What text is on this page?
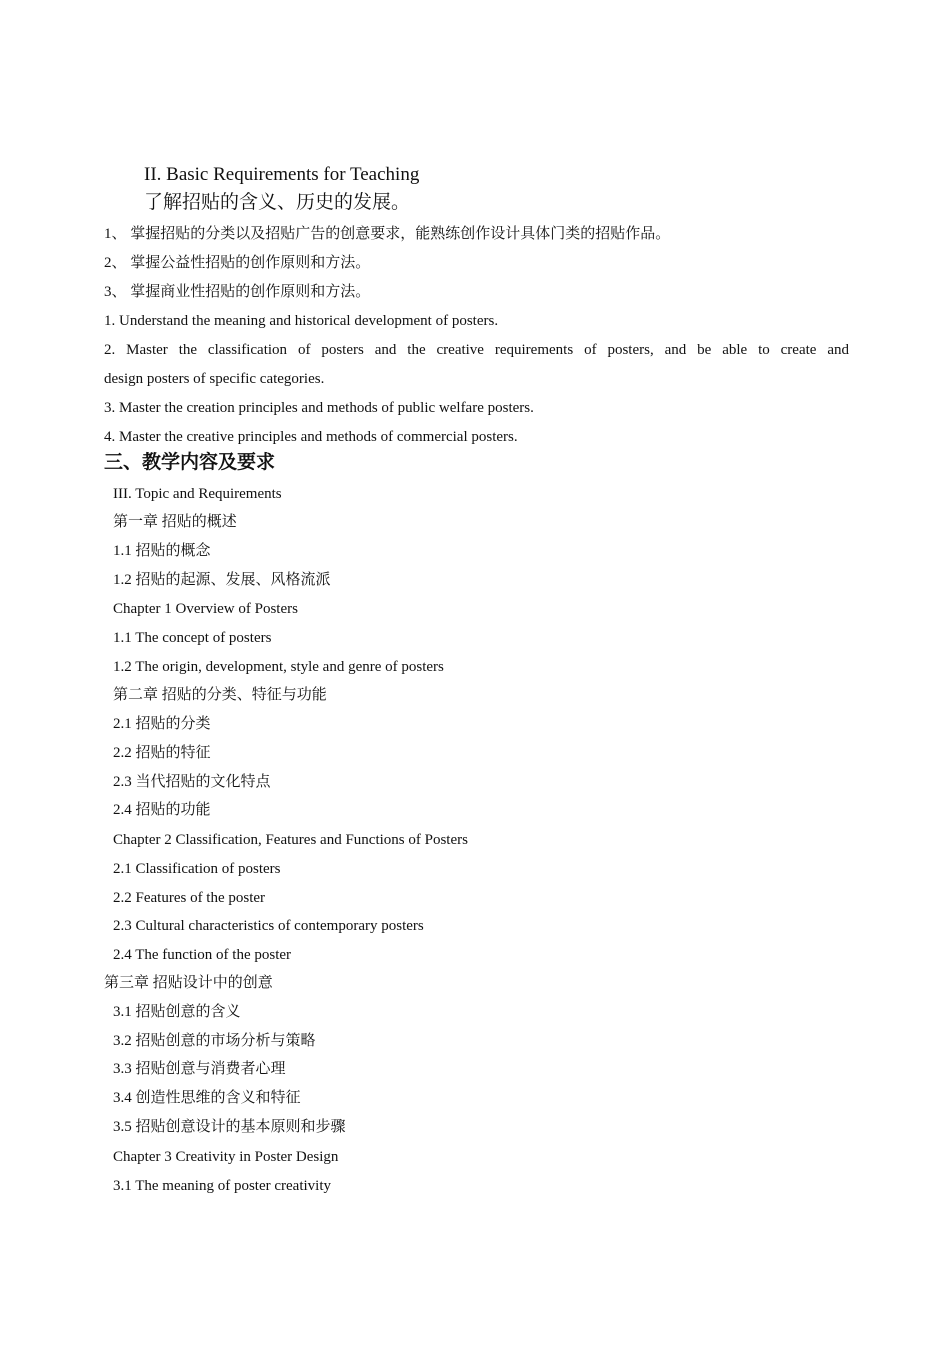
II. Basic Requirements for Teaching
了解招贴的含义、历史的发展。
1、 掌握招贴的分类以及招贴广告的创意要求，能熟练创作设计具体门类的招贴作品。
2、 掌握公益性招贴的创作原则和方法。
3、 掌握商业性招贴的创作原则和方法。
1. Understand the meaning and historical development of posters.
2. Master the classification of posters and the creative requirements of posters, and be able to create and
design posters of specific categories.
3. Master the creation principles and methods of public welfare posters.
4. Master the creative principles and methods of commercial posters.
三、教学内容及要求
III. Topic and Requirements
第一章 招贴的概述
1.1 招贴的概念
1.2 招贴的起源、发展、风格流派
Chapter 1 Overview of Posters
1.1 The concept of posters
1.2 The origin, development, style and genre of posters
第二章 招贴的分类、特征与功能
2.1 招贴的分类
2.2 招贴的特征
2.3 当代招贴的文化特点
2.4 招贴的功能
Chapter 2 Classification, Features and Functions of Posters
2.1 Classification of posters
2.2 Features of the poster
2.3 Cultural characteristics of contemporary posters
2.4 The function of the poster
第三章 招贴设计中的创意
3.1 招贴创意的含义
3.2 招贴创意的市场分析与策略
3.3 招贴创意与消费者心理
3.4 创造性思维的含义和特征
3.5 招贴创意设计的基本原则和步骤
Chapter 3 Creativity in Poster Design
3.1 The meaning of poster creativity
